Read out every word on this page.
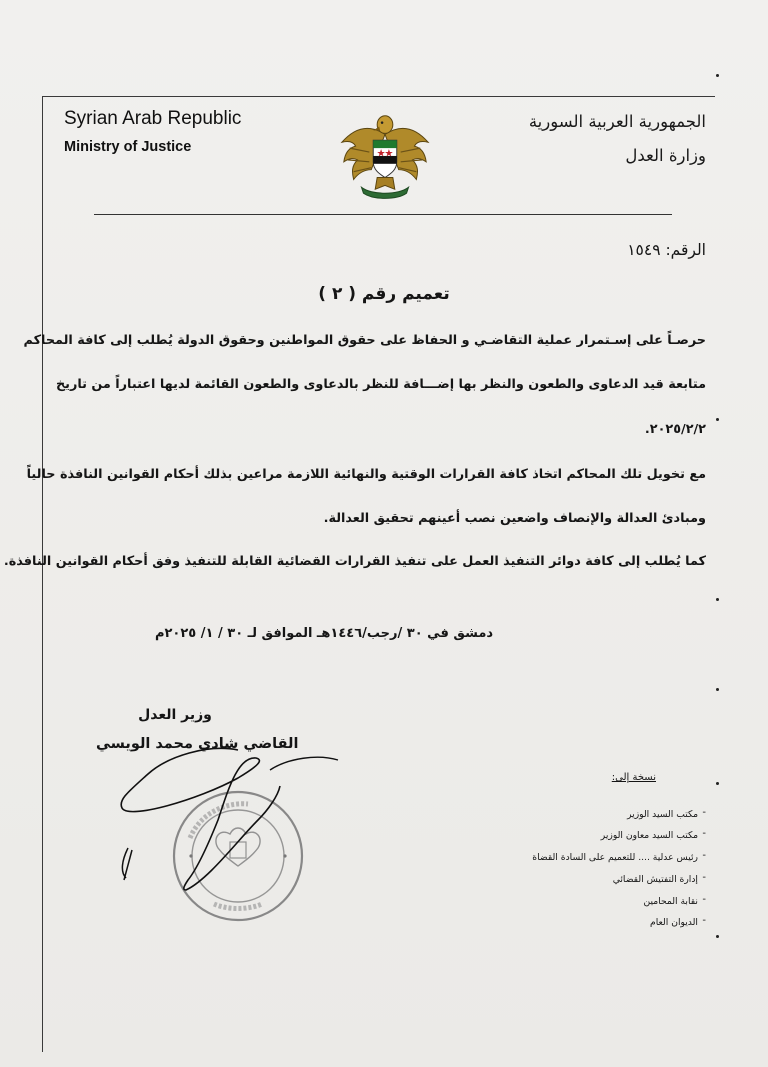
Syrian Arab Republic
Ministry of Justice
الجمهورية العربية السورية
وزارة العدل
الرقم: ١٥٤٩
تعميم رقم ( ٢ )
حرصـاً على إسـتمرار عملية التقاضـي و الحفاظ على حقوق المواطنين وحقوق الدولة يُطلب إلى كافة المحاكم
متابعة قيد الدعاوى والطعون والنظر بها إضـــافة للنظر بالدعاوى والطعون القائمة لديها اعتباراً من تاريخ
٢٠٢٥/٢/٢.
مع تخويل تلك المحاكم اتخاذ كافة القرارات الوقتية والنهائية اللازمة مراعين بذلك أحكام القوانين النافذة حالياً
ومبادئ العدالة والإنصاف واضعين نصب أعينهم تحقيق العدالة.
كما يُطلب إلى كافة دوائر التنفيذ العمل على تنفيذ القرارات القضائية القابلة للتنفيذ وفق أحكام القوانين النافذة.
دمشق في ٣٠ /رجب/١٤٤٦هـ الموافق لـ ٣٠ / ١/ ٢٠٢٥م
وزير العدل
القاضي شادي محمد الويسي
نسخة إلى:
مكتب السيد الوزير -
مكتب السيد معاون الوزير -
رئيس عدلية .... للتعميم على السادة القضاة -
إدارة التفتيش القضائي -
نقابة المحامين -
الديوان العام -
